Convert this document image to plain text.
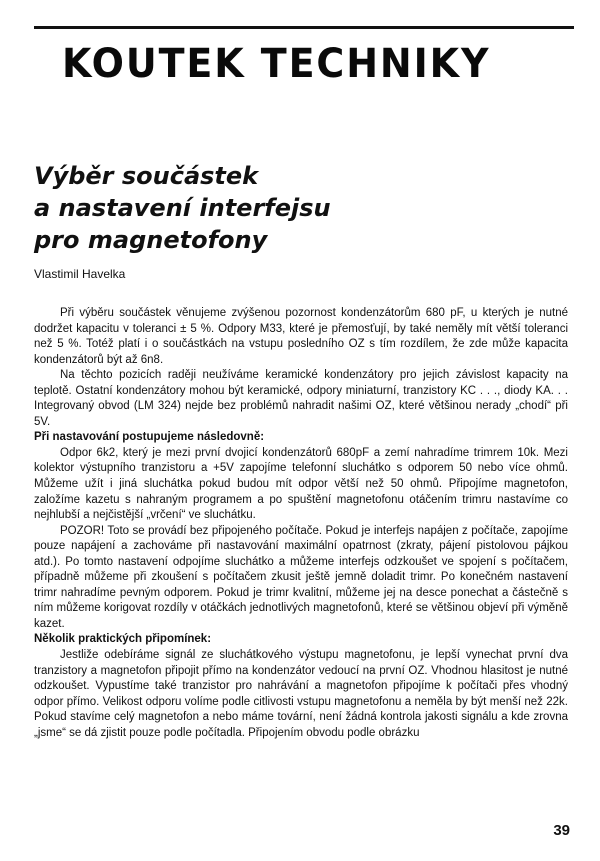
KOUTEK TECHNIKY
Výběr součástek
a nastavení interfejsu
pro magnetofony
Vlastimil Havelka

Při výběru součástek věnujeme zvýšenou pozornost kondenzátorům 680 pF, u kterých je nutné dodržet kapacitu v toleranci ± 5 %. Odpory M33, které je přemosťují, by také neměly mít větší toleranci než 5 %. Totéž platí i o součástkách na vstupu posledního OZ s tím rozdílem, že zde může kapacita kondenzátorů být až 6n8.

Na těchto pozicích raději neužíváme keramické kondenzátory pro jejich závislost kapacity na teplotě. Ostatní kondenzátory mohou být keramické, odpory miniaturní, tranzistory KC . . ., diody KA. . . Integrovaný obvod (LM 324) nejde bez problémů nahradit našimi OZ, které většinou neradу „chodí“ při 5V.

Při nastavování postupujeme následovně:

Odpor 6k2, který je mezi první dvojicí kondenzátorů 680pF a zemí nahradíme trimrem 10k. Mezi kolektor výstupního tranzistoru a +5V zapojíme telefonní sluchátko s odporem 50 nebo více ohmů. Můžeme užít i jiná sluchátka pokud budou mít odpor větší než 50 ohmů. Připojíme magnetofon, založíme kazetu s nahraným programem a po spuštění magnetofonu otáčením trimru nastavíme co nejhlubší a nejčistější „vrčení“ ve sluchátku.

POZOR! Toto se provádí bez připojeného počítače. Pokud je interfejs napájen z počítače, zapojíme pouze napájení a zachováme při nastavování maximální opatrnost (zkraty, pájení pistolovou pájkou atd.). Po tomto nastavení odpojíme sluchátko a můžeme interfejs odzkoušet ve spojení s počítačem, případně můžeme při zkoušení s počítačem zkusit ještě jemně doladit trimr. Po konečném nastavení trimr nahradíme pevným odporem. Pokud je trimr kvalitní, můžeme jej na desce ponechat a částečně s ním můžeme korigovat rozdíly v otáčkách jednotlivých magnetofonů, které se většinou objeví při výměně kazet.

Několik praktických připomínek:

Jestliže odebíráme signál ze sluchátkového výstupu magnetofonu, je lepší vynechat první dva tranzistory a magnetofon připojit přímo na kondenzátor vedoucí na první OZ. Vhodnou hlasitost je nutné odzkoušet. Vypustíme také tranzistor pro nahrávání a magnetofon připojíme k počítači přes vhodný odpor přímo. Velikost odporu volíme podle citlivosti vstupu magnetofonu a neměla by být menší než 22k. Pokud stavíme celý magnetofon a nebo máme tovární, není žádná kontrola jakosti signálu a kde zrovna „jsme“ se dá zjistit pouze podle počítadla. Připojením obvodu podle obrázku

39
